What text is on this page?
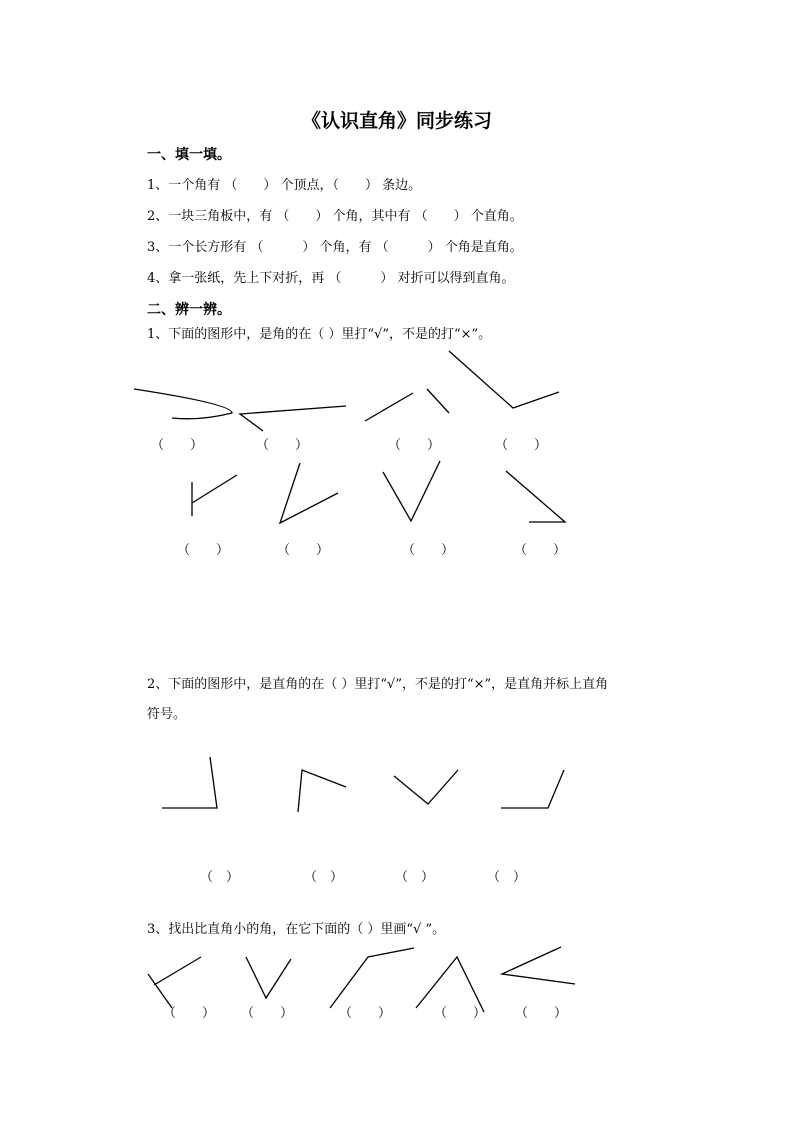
《认识直角》同步练习
一、填一填。
1、一个角有 （　　） 个顶点，（　　） 条边。
2、一块三角板中，有 （　　） 个角，其中有 （　　） 个直角。
3、一个长方形有 （　　　） 个角，有 （　　　） 个角是直角。
4、拿一张纸，先上下对折，再 （　　　） 对折可以得到直角。
二、辨一辨。
1、下面的图形中，是角的在（ ）里打“√”，不是的打“×”。
（　　）	（　　）	（　　）	（　　）
（　　）	（　　）	（　　）	（　　）
2、下面的图形中，是直角的在（ ）里打“√”，不是的打“×”，是直角并标上直角
符号。
（　）	（　）	（　）	（　）
3、找出比直角小的角，在它下面的（ ）里画“√ ”。
（　　） （　　）	（　　）	（　　） （　　）
